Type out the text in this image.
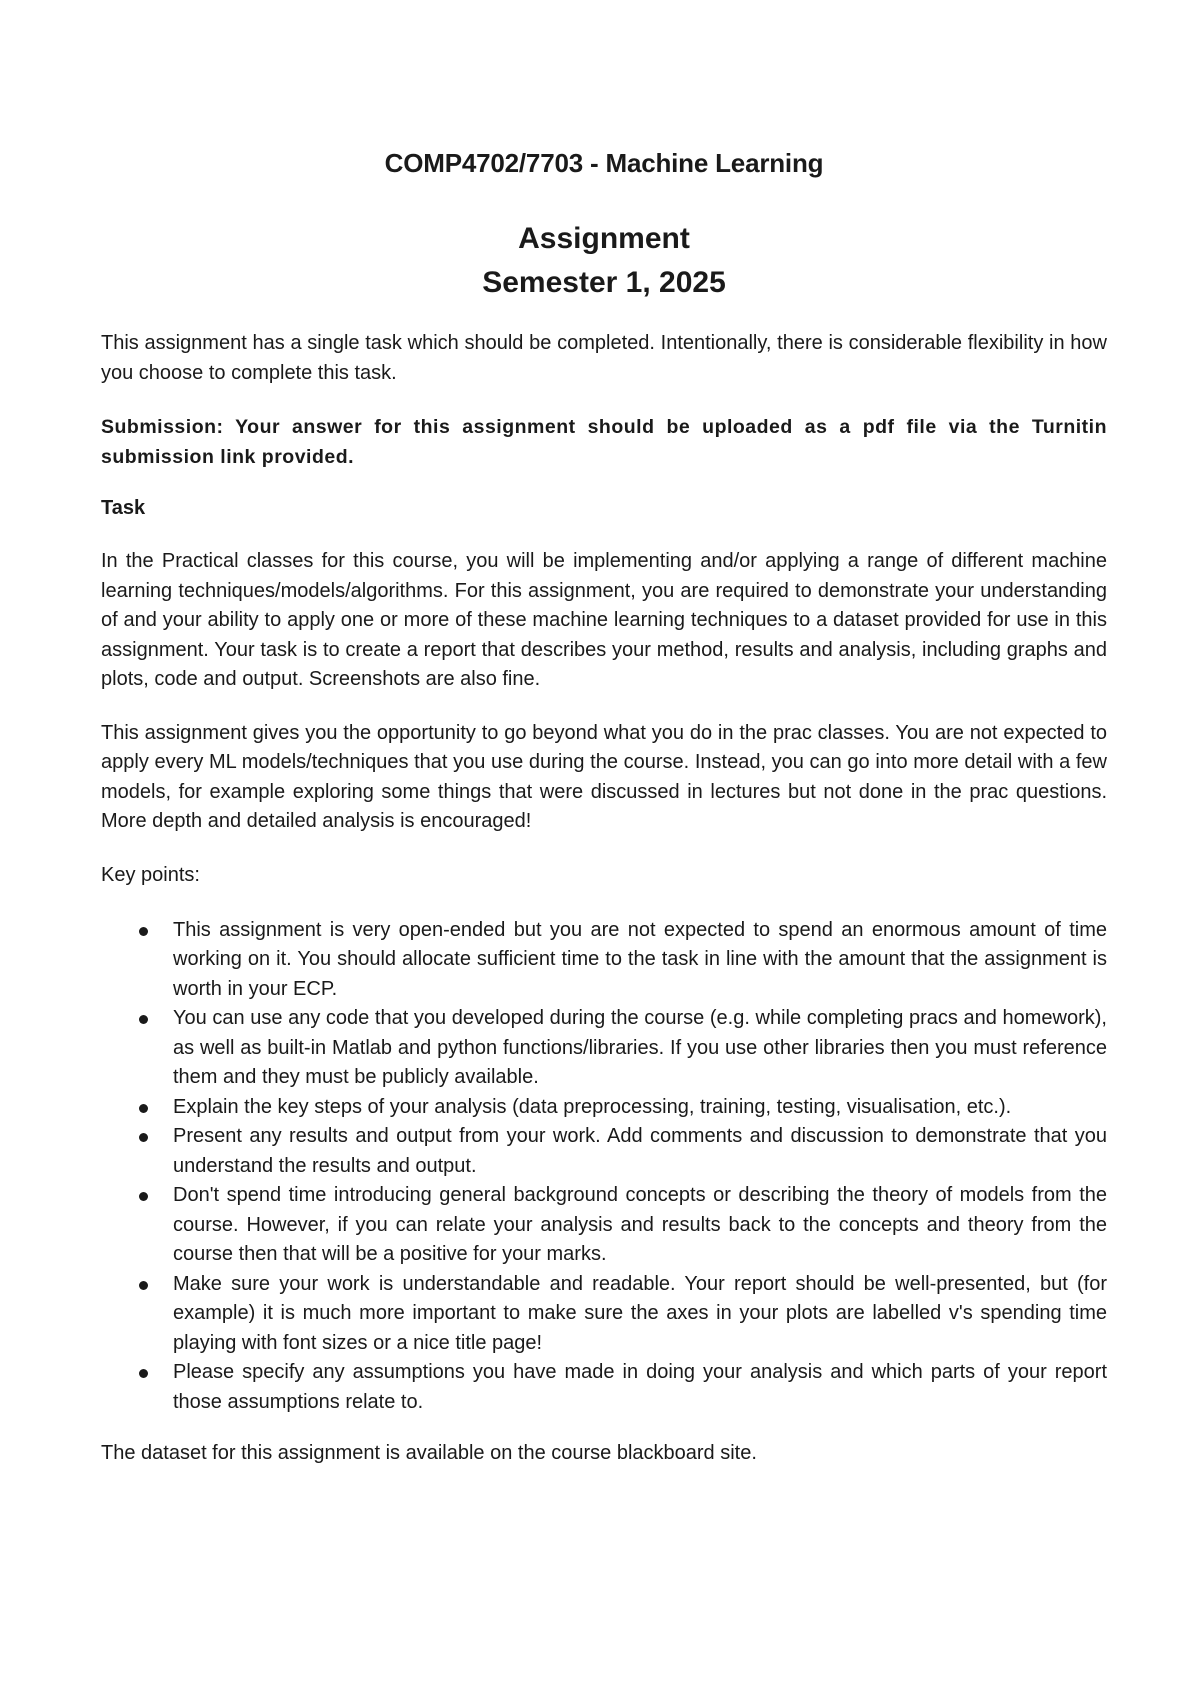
COMP4702/7703 - Machine Learning
Assignment
Semester 1, 2025

This assignment has a single task which should be completed. Intentionally, there is considerable flexibility in how you choose to complete this task.

Submission: Your answer for this assignment should be uploaded as a pdf file via the Turnitin submission link provided.

Task

In the Practical classes for this course, you will be implementing and/or applying a range of different machine learning techniques/models/algorithms. For this assignment, you are required to demonstrate your understanding of and your ability to apply one or more of these machine learning techniques to a dataset provided for use in this assignment. Your task is to create a report that describes your method, results and analysis, including graphs and plots, code and output. Screenshots are also fine.

This assignment gives you the opportunity to go beyond what you do in the prac classes. You are not expected to apply every ML models/techniques that you use during the course. Instead, you can go into more detail with a few models, for example exploring some things that were discussed in lectures but not done in the prac questions. More depth and detailed analysis is encouraged!

Key points:
This assignment is very open-ended but you are not expected to spend an enormous amount of time working on it. You should allocate sufficient time to the task in line with the amount that the assignment is worth in your ECP.
You can use any code that you developed during the course (e.g. while completing pracs and homework), as well as built-in Matlab and python functions/libraries. If you use other libraries then you must reference them and they must be publicly available.
Explain the key steps of your analysis (data preprocessing, training, testing, visualisation, etc.).
Present any results and output from your work. Add comments and discussion to demonstrate that you understand the results and output.
Don't spend time introducing general background concepts or describing the theory of models from the course. However, if you can relate your analysis and results back to the concepts and theory from the course then that will be a positive for your marks.
Make sure your work is understandable and readable. Your report should be well-presented, but (for example) it is much more important to make sure the axes in your plots are labelled v's spending time playing with font sizes or a nice title page!
Please specify any assumptions you have made in doing your analysis and which parts of your report those assumptions relate to.

The dataset for this assignment is available on the course blackboard site.
